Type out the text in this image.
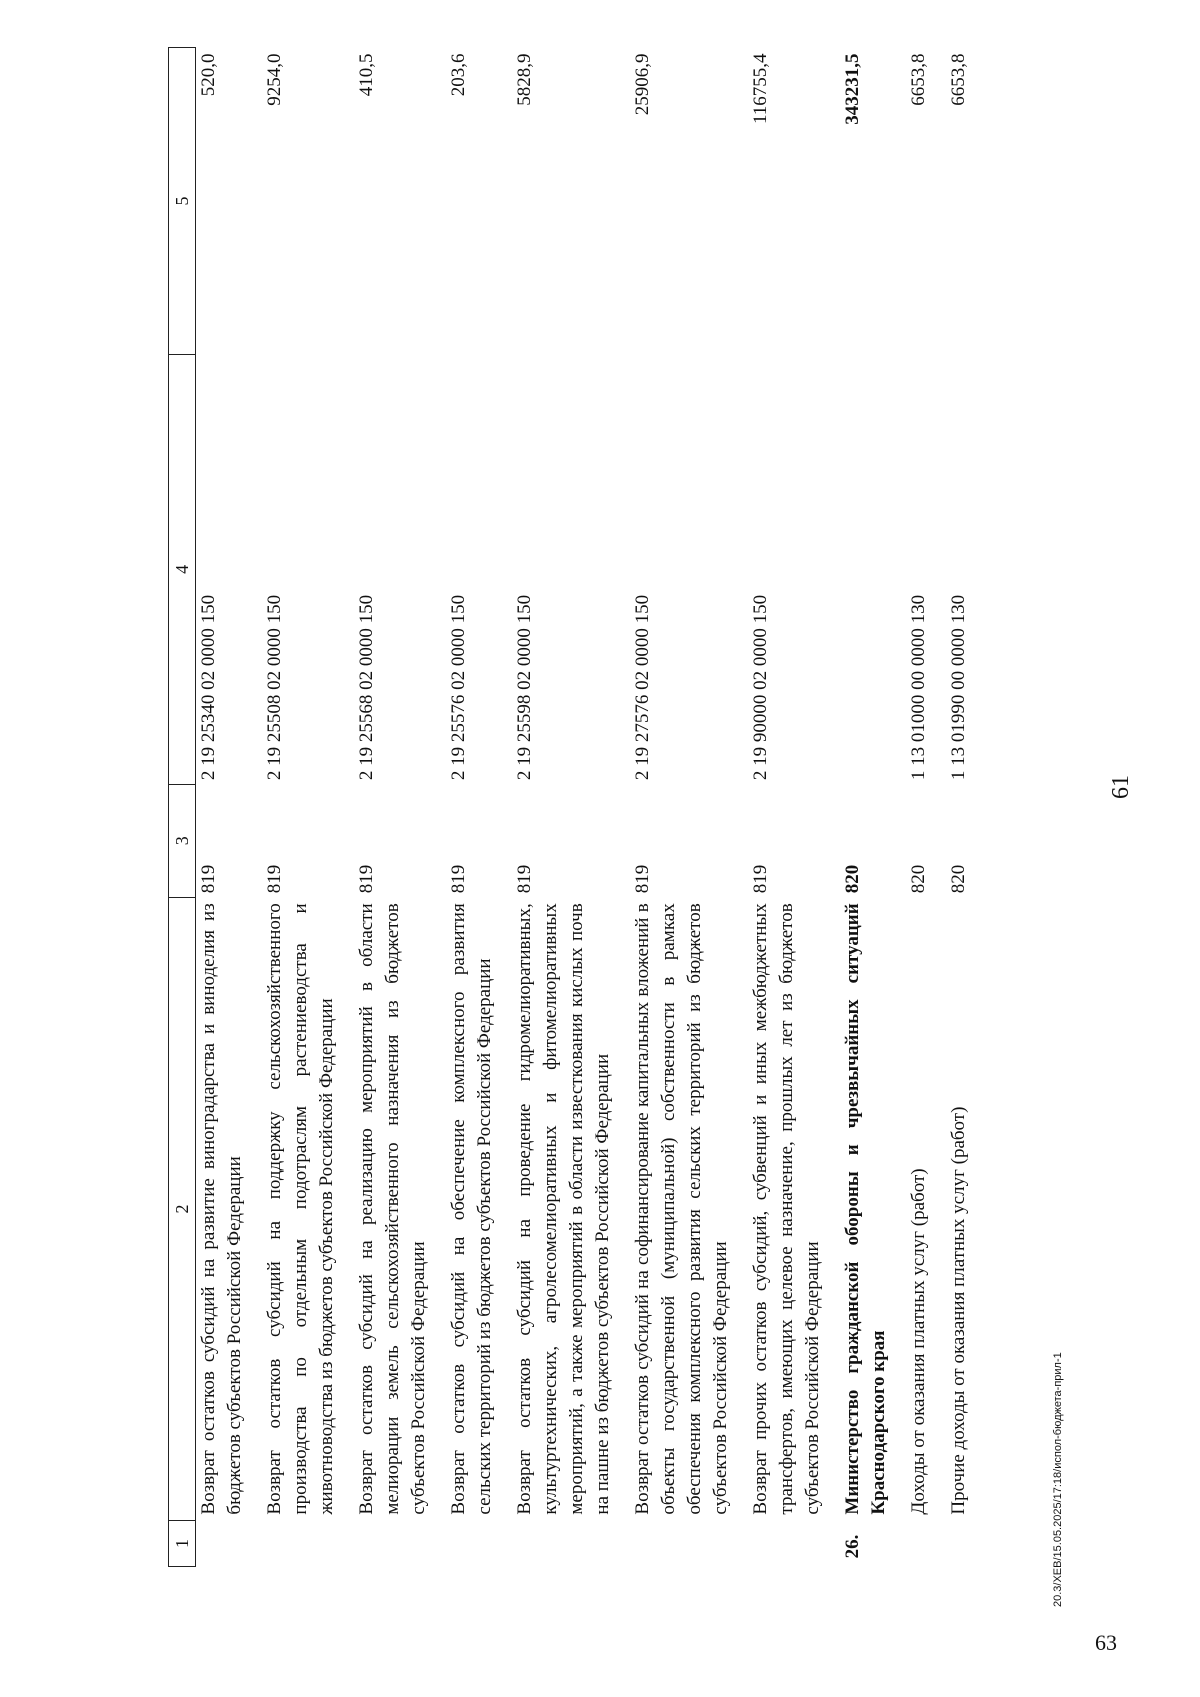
61
1	2	3	4	5
	Возврат остатков субсидий на развитие виноградарства и виноделия из бюджетов субъектов Российской Федерации	819	2 19 25340 02 0000 150	520,0
	Возврат остатков субсидий на поддержку сельскохозяйственного производства по отдельным подотраслям растениеводства и животноводства из бюджетов субъектов Российской Федерации	819	2 19 25508 02 0000 150	9254,0
	Возврат остатков субсидий на реализацию мероприятий в области мелиорации земель сельскохозяйственного назначения из бюджетов субъектов Российской Федерации	819	2 19 25568 02 0000 150	410,5
	Возврат остатков субсидий на обеспечение комплексного развития сельских территорий из бюджетов субъектов Российской Федерации	819	2 19 25576 02 0000 150	203,6
	Возврат остатков субсидий на проведение гидромелиоративных, культуртехнических, агролесомелиоративных и фитомелиоративных мероприятий, а также мероприятий в области известкования кислых почв на пашне из бюджетов субъектов Российской Федерации	819	2 19 25598 02 0000 150	5828,9
	Возврат остатков субсидий на софинансирование капитальных вложений в объекты государственной (муниципальной) собственности в рамках обеспечения комплексного развития сельских территорий из бюджетов субъектов Российской Федерации	819	2 19 27576 02 0000 150	25906,9
	Возврат прочих остатков субсидий, субвенций и иных межбюджетных трансфертов, имеющих целевое назначение, прошлых лет из бюджетов субъектов Российской Федерации	819	2 19 90000 02 0000 150	116755,4
26.	Министерство гражданской обороны и чрезвычайных ситуаций Краснодарского края	820		343231,5
	Доходы от оказания платных услуг (работ)	820	1 13 01000 00 0000 130	6653,8
	Прочие доходы от оказания платных услуг (работ)	820	1 13 01990 00 0000 130	6653,8
20.3/XEB/15.05.2025/17:18/испол-бюджета-прил-1
63
